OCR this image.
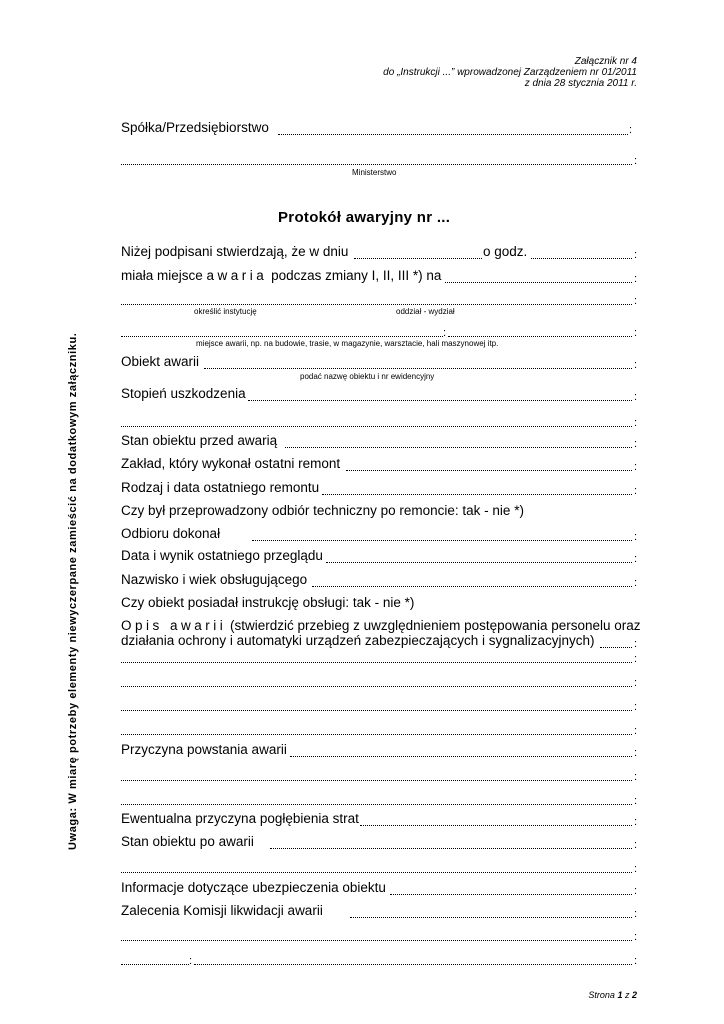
Załącznik nr 4
do „Instrukcji ...” wprowadzonej Zarządzeniem nr 01/2011
z dnia 28 stycznia 2011 r.
Spółka/Przedsiębiorstwo	:
:
Ministerstwo
Protokół awaryjny nr ...
Niżej podpisani stwierdzają, że w dniu	o godz.	:
miała miejsce awaria podczas zmiany I, II, III *) na	:
:
określić instytucję	oddział - wydział
:	:
miejsce awarii, np. na budowie, trasie, w magazynie, warsztacie, hali maszynowej itp.
Obiekt awarii	:
podać nazwę obiektu i nr ewidencyjny
Stopień uszkodzenia	:
:
Stan obiektu przed awarią	:
Zakład, który wykonał ostatni remont	:
Rodzaj i data ostatniego remontu	:
Czy był przeprowadzony odbiór techniczny po remoncie: tak - nie *)
Odbioru dokonał	:
Data i wynik ostatniego przeglądu	:
Nazwisko i wiek obsługującego	:
Czy obiekt posiadał instrukcję obsługi: tak - nie *)
Opis awarii (stwierdzić przebieg z uwzględnieniem postępowania personelu oraz
działania ochrony i automatyki urządzeń zabezpieczających i sygnalizacyjnych)	:
:
:
:
:
Przyczyna powstania awarii	:
:
:
Ewentualna przyczyna pogłębienia strat	:
Stan obiektu po awarii	:
:
Informacje dotyczące ubezpieczenia obiektu	:
Zalecenia Komisji likwidacji awarii	:
:
:	:
Uwaga: W miarę potrzeby elementy niewyczerpane zamieścić na dodatkowym załączniku.
Strona 1 z 2
